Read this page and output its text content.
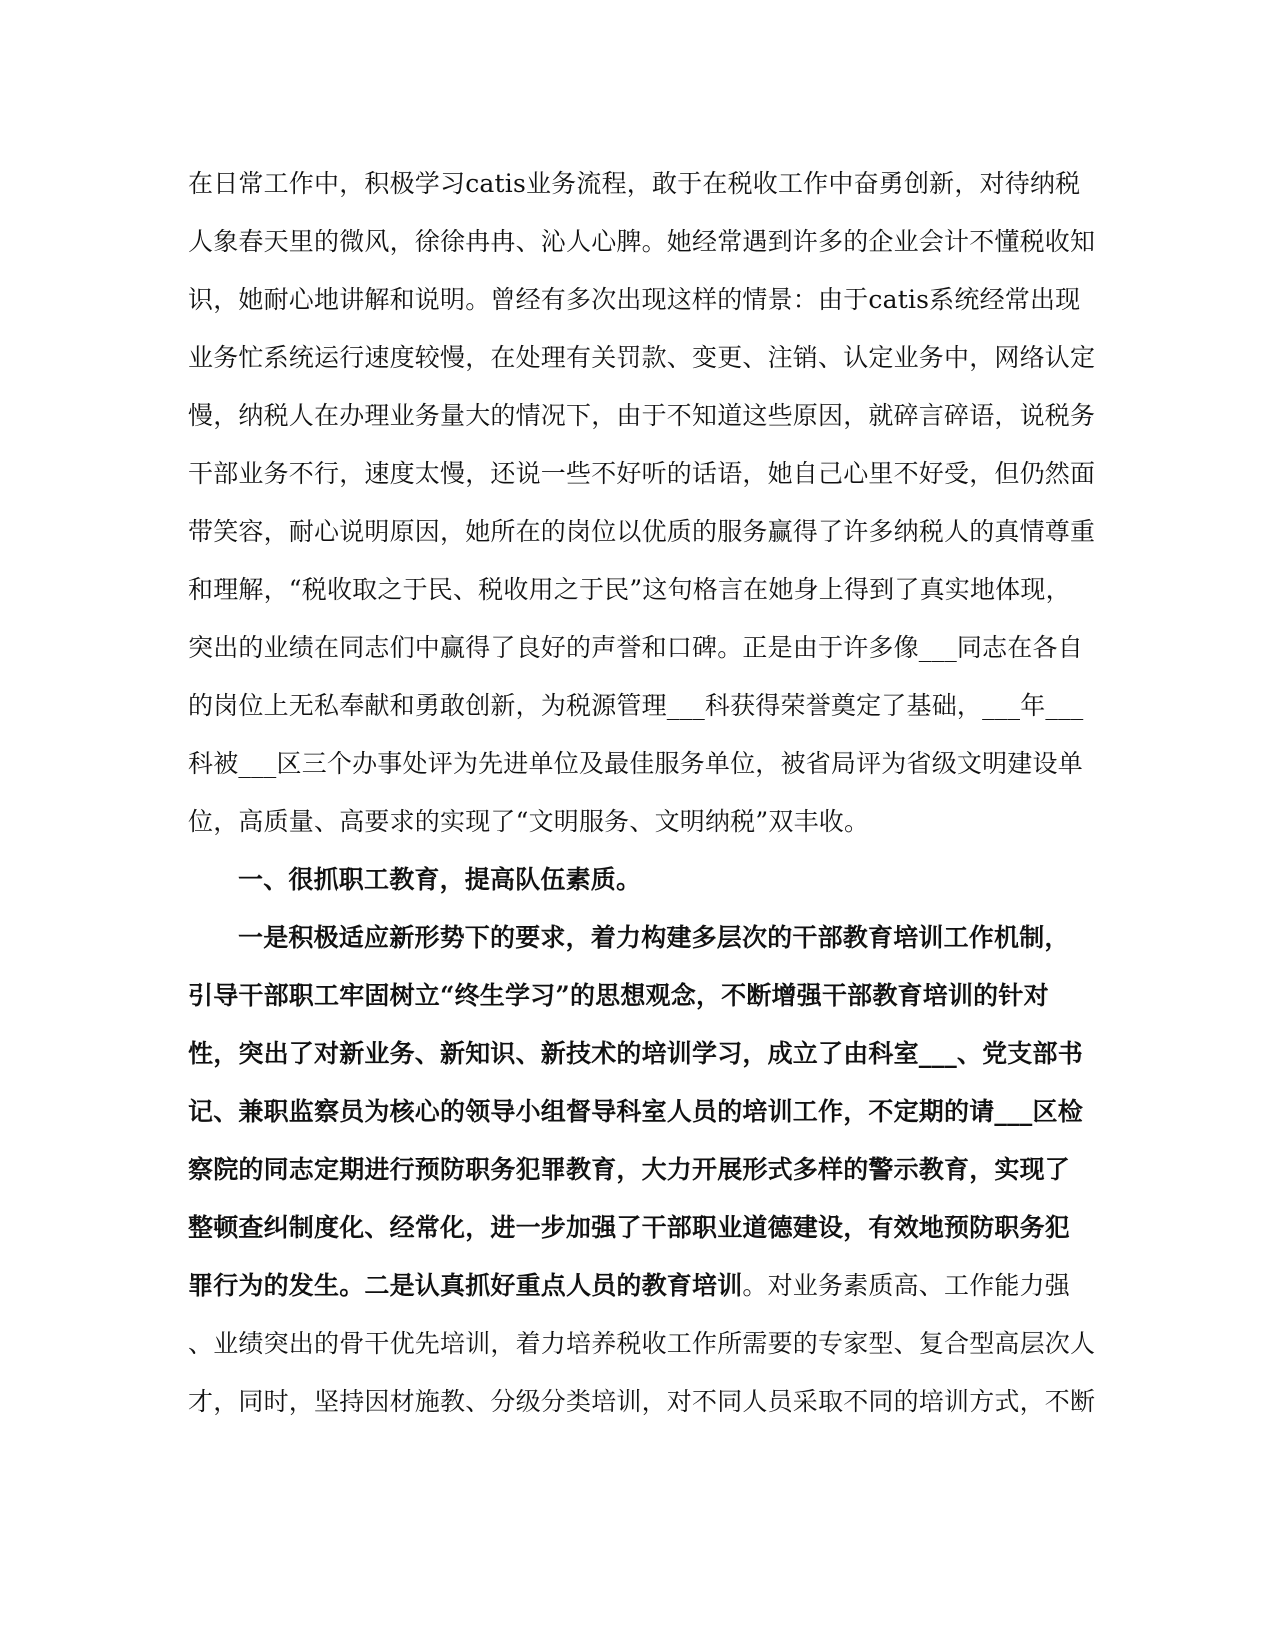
在日常工作中，积极学习catis业务流程，敢于在税收工作中奋勇创新，对待纳税
人象春天里的微风，徐徐冉冉、沁人心脾。她经常遇到许多的企业会计不懂税收知
识，她耐心地讲解和说明。曾经有多次出现这样的情景：由于catis系统经常出现
业务忙系统运行速度较慢，在处理有关罚款、变更、注销、认定业务中，网络认定
慢，纳税人在办理业务量大的情况下，由于不知道这些原因，就碎言碎语，说税务
干部业务不行，速度太慢，还说一些不好听的话语，她自己心里不好受，但仍然面
带笑容，耐心说明原因，她所在的岗位以优质的服务赢得了许多纳税人的真情尊重
和理解，“税收取之于民、税收用之于民”这句格言在她身上得到了真实地体现，
突出的业绩在同志们中赢得了良好的声誉和口碑。正是由于许多像___同志在各自
的岗位上无私奉献和勇敢创新，为税源管理___科获得荣誉奠定了基础，___年___
科被___区三个办事处评为先进单位及最佳服务单位，被省局评为省级文明建设单
位，高质量、高要求的实现了“文明服务、文明纳税”双丰收。
一、很抓职工教育，提高队伍素质。
一是积极适应新形势下的要求，着力构建多层次的干部教育培训工作机制，
引导干部职工牢固树立“终生学习”的思想观念，不断增强干部教育培训的针对
性，突出了对新业务、新知识、新技术的培训学习，成立了由科室___、党支部书
记、兼职监察员为核心的领导小组督导科室人员的培训工作，不定期的请___区检
察院的同志定期进行预防职务犯罪教育，大力开展形式多样的警示教育，实现了
整顿查纠制度化、经常化，进一步加强了干部职业道德建设，有效地预防职务犯
罪行为的发生。二是认真抓好重点人员的教育培训。对业务素质高、工作能力强
、业绩突出的骨干优先培训，着力培养税收工作所需要的专家型、复合型高层次人
才，同时，坚持因材施教、分级分类培训，对不同人员采取不同的培训方式，不断
